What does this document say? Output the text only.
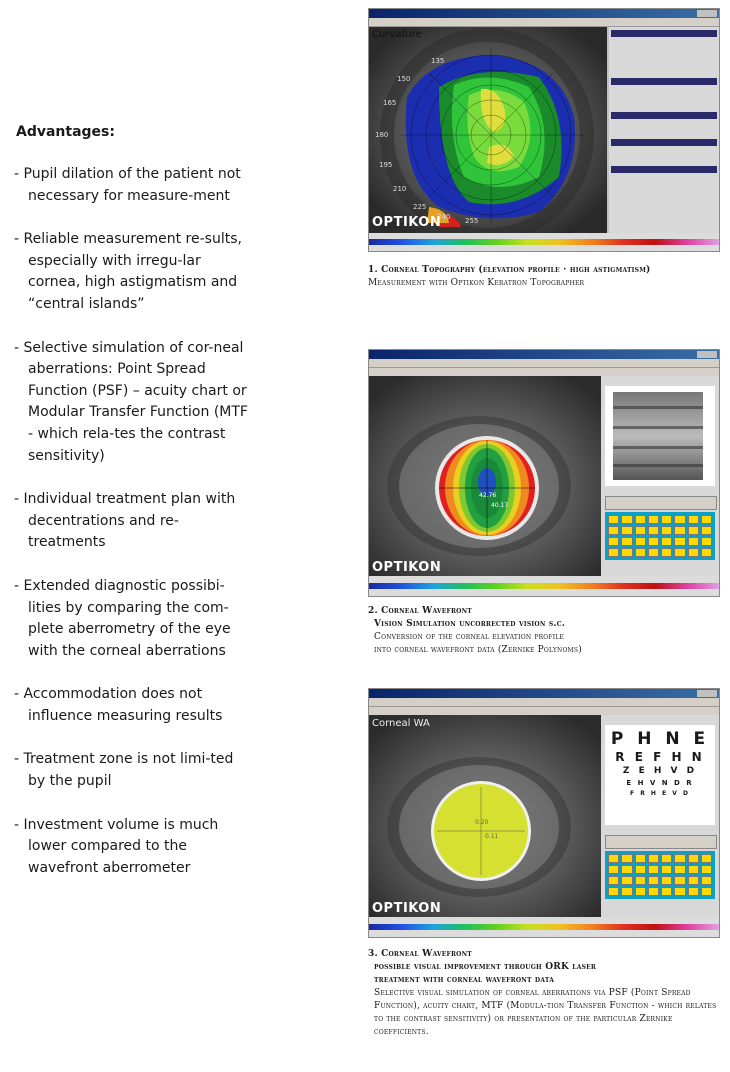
Advantages:
- Pupil dilation of the patient not necessary for measure-ment
- Reliable measurement re-sults, especially with irregu-lar cornea, high astigmatism and “central islands”
- Selective simulation of cor-neal aberrations: Point Spread Function (PSF) – acuity chart or Modular Transfer Function (MTF - which rela-tes the contrast sensitivity)
- Individual treatment plan with decentrations and re-treatments
- Extended diagnostic possibi-lities by comparing the com-plete aberrometry of the eye with the corneal aberrations
- Accommodation does not influence measuring results
- Treatment zone is not limi-ted by the pupil
- Investment volume is much lower compared to the wavefront aberrometer
Curvature
135
150
165
180
195
210
225
240 255
OPTIKON
1. Corneal Topography (elevation profile · high astigmatism)
Measurement with Optikon Keratron Topographer
42.76
40.17
OPTIKON
2. Corneal Wavefront
Vision Simulation uncorrected vision s.c.
Conversion of the corneal elevation profile
into corneal wavefront data (Zernike Polynoms)
Corneal WA
0.20
0.11
OPTIKON
P H N E
R E F H N
Z E H V D
E H V N D R
F R H E V D
3. Corneal Wavefront
possible visual improvement through ORK laser
treatment with corneal wavefront data
Selective visual simulation of corneal aberrations via PSF (Point Spread Function), acuity chart, MTF (Modula-tion Transfer Function - which relates to the contrast sensitivity) or presentation of the particular Zernike coefficients.
